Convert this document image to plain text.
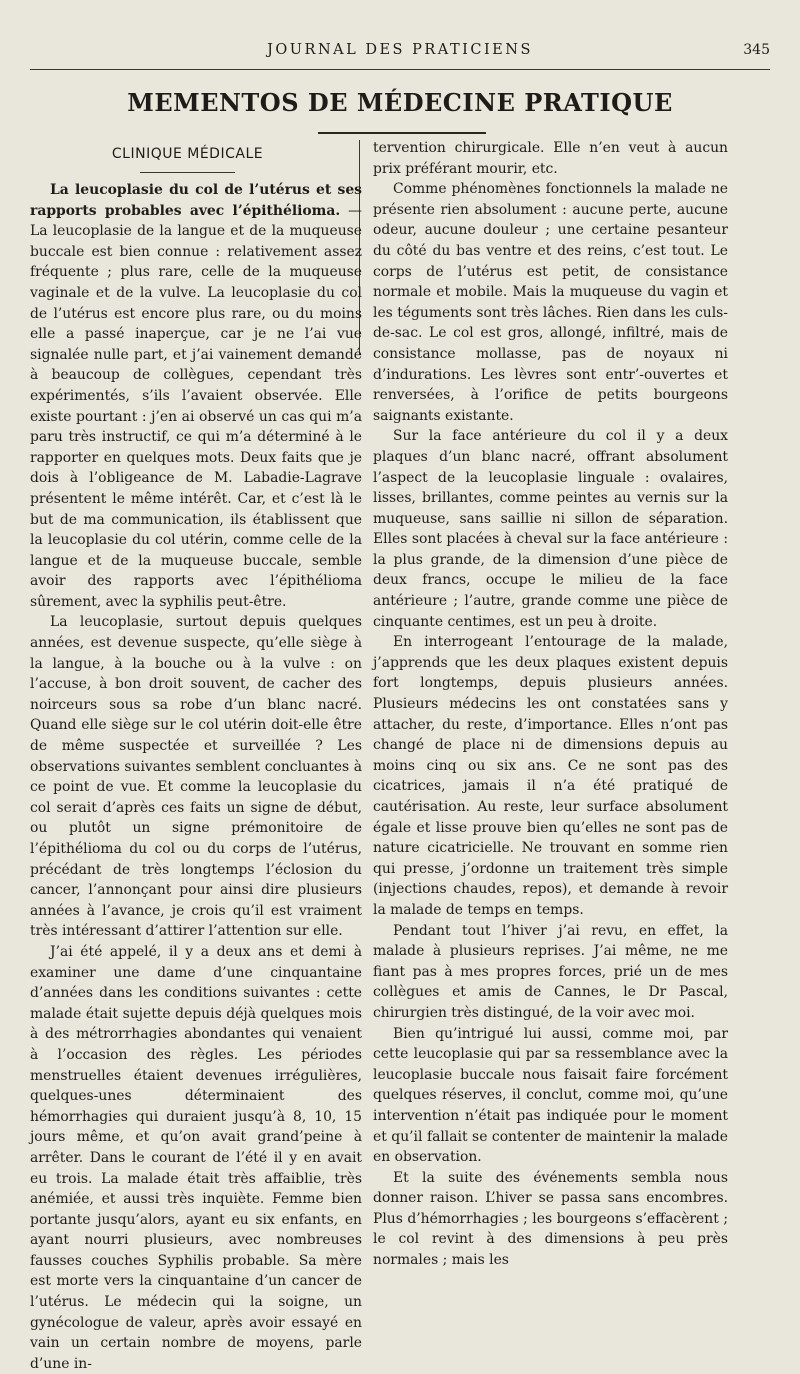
JOURNAL DES PRATICIENS	345
MEMENTOS DE MÉDECINE PRATIQUE
CLINIQUE MÉDICALE

La leucoplasie du col de l’utérus et ses rapports probables avec l’épithélioma. — La leucoplasie de la langue et de la muqueuse buccale est bien connue : relativement assez fréquente ; plus rare, celle de la muqueuse vaginale et de la vulve. La leucoplasie du col de l’utérus est encore plus rare, ou du moins elle a passé inaperçue, car je ne l’ai vue signalée nulle part, et j’ai vainement demandé à beaucoup de collègues, cependant très expérimentés, s’ils l’avaient observée. Elle existe pourtant : j’en ai observé un cas qui m’a paru très instructif, ce qui m’a déterminé à le rapporter en quelques mots. Deux faits que je dois à l’obligeance de M. Labadie-Lagrave présentent le même intérêt. Car, et c’est là le but de ma communication, ils établissent que la leucoplasie du col utérin, comme celle de la langue et de la muqueuse buccale, semble avoir des rapports avec l’épithélioma sûrement, avec la syphilis peut-être.

La leucoplasie, surtout depuis quelques années, est devenue suspecte, qu’elle siège à la langue, à la bouche ou à la vulve : on l’accuse, à bon droit souvent, de cacher des noirceurs sous sa robe d’un blanc nacré. Quand elle siège sur le col utérin doit-elle être de même suspectée et surveillée ? Les observations suivantes semblent concluantes à ce point de vue. Et comme la leucoplasie du col serait d’après ces faits un signe de début, ou plutôt un signe prémonitoire de l’épithélioma du col ou du corps de l’utérus, précédant de très longtemps l’éclosion du cancer, l’annonçant pour ainsi dire plusieurs années à l’avance, je crois qu’il est vraiment très intéressant d’attirer l’attention sur elle.

J’ai été appelé, il y a deux ans et demi à examiner une dame d’une cinquantaine d’années dans les conditions suivantes : cette malade était sujette depuis déjà quelques mois à des métrorrhagies abondantes qui venaient à l’occasion des règles. Les périodes menstruelles étaient devenues irrégulières, quelques-unes déterminaient des hémorrhagies qui duraient jusqu’à 8, 10, 15 jours même, et qu’on avait grand’peine à arrêter. Dans le courant de l’été il y en avait eu trois. La malade était très affaiblie, très anémiée, et aussi très inquiète. Femme bien portante jusqu’alors, ayant eu six enfants, en ayant nourri plusieurs, avec nombreuses fausses couches Syphilis probable. Sa mère est morte vers la cinquantaine d’un cancer de l’utérus. Le médecin qui la soigne, un gynécologue de valeur, après avoir essayé en vain un certain nombre de moyens, parle d’une in-

tervention chirurgicale. Elle n’en veut à aucun prix préférant mourir, etc.

Comme phénomènes fonctionnels la malade ne présente rien absolument : aucune perte, aucune odeur, aucune douleur ; une certaine pesanteur du côté du bas ventre et des reins, c’est tout. Le corps de l’utérus est petit, de consistance normale et mobile. Mais la muqueuse du vagin et les téguments sont très lâches. Rien dans les culs-de-sac. Le col est gros, allongé, infiltré, mais de consistance mollasse, pas de noyaux ni d’indurations. Les lèvres sont entr’-ouvertes et renversées, à l’orifice de petits bourgeons saignants existante.

Sur la face antérieure du col il y a deux plaques d’un blanc nacré, offrant absolument l’aspect de la leucoplasie linguale : ovalaires, lisses, brillantes, comme peintes au vernis sur la muqueuse, sans saillie ni sillon de séparation. Elles sont placées à cheval sur la face antérieure : la plus grande, de la dimension d’une pièce de deux francs, occupe le milieu de la face antérieure ; l’autre, grande comme une pièce de cinquante centimes, est un peu à droite.

En interrogeant l’entourage de la malade, j’apprends que les deux plaques existent depuis fort longtemps, depuis plusieurs années. Plusieurs médecins les ont constatées sans y attacher, du reste, d’importance. Elles n’ont pas changé de place ni de dimensions depuis au moins cinq ou six ans. Ce ne sont pas des cicatrices, jamais il n’a été pratiqué de cautérisation. Au reste, leur surface absolument égale et lisse prouve bien qu’elles ne sont pas de nature cicatricielle. Ne trouvant en somme rien qui presse, j’ordonne un traitement très simple (injections chaudes, repos), et demande à revoir la malade de temps en temps.

Pendant tout l’hiver j’ai revu, en effet, la malade à plusieurs reprises. J’ai même, ne me fiant pas à mes propres forces, prié un de mes collègues et amis de Cannes, le Dr Pascal, chirurgien très distingué, de la voir avec moi.

Bien qu’intrigué lui aussi, comme moi, par cette leucoplasie qui par sa ressemblance avec la leucoplasie buccale nous faisait faire forcément quelques réserves, il conclut, comme moi, qu’une intervention n’était pas indiquée pour le moment et qu’il fallait se contenter de maintenir la malade en observation.

Et la suite des événements sembla nous donner raison. L’hiver se passa sans encombres. Plus d’hémorrhagies ; les bourgeons s’effacèrent ; le col revint à des dimensions à peu près normales ; mais les
